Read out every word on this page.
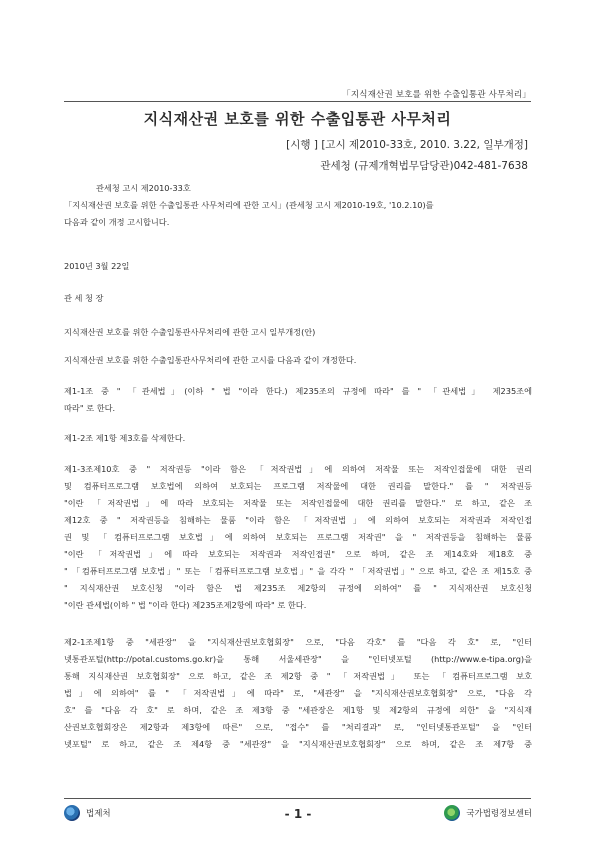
「지식재산권 보호를 위한 수출입통관 사무처리」
지식재산권 보호를 위한 수출입통관 사무처리
[시행 ] [고시 제2010-33호, 2010. 3.22, 일부개정]
관세청 (규제개혁법무담당관)042-481-7638

관세청 고시 제2010-33호

「지식재산권 보호를 위한 수출입통관 사무처리에 관한 고시」(관세청 고시 제2010-19호, '10.2.10)를

다음과 같이 개정 고시합니다.

2010년 3월 22일
관 세 청 장
지식재산권 보호를 위한 수출입통관사무처리에 관한 고시 일부개정(안)
지식재산권 보호를 위한 수출입통관사무처리에 관한 고시를 다음과 같이 개정한다.

제1-1조 중 " 「관세법」(이하 " 법 "이라 한다.) 제235조의 규정에 따라" 를 " 「관세법」 제235조에

따라" 로 한다.

제1-2조 제1항 제3호를 삭제한다.

제1-3조제10호 중 " 저작권등 "이라 함은 「저작권법」에 의하여 저작물 또는 저작인접물에 대한 권리

및 컴퓨터프로그램 보호법에 의하여 보호되는 프로그램 저작물에 대한 권리를 말한다." 를 " 저작권등

"이란 「저작권법」에 따라 보호되는 저작물 또는 저작인접물에 대한 권리를 말한다." 로 하고, 같은 조

제12호 중 " 저작권등을 침해하는 물품 "이라 함은 「저작권법」에 의하여 보호되는 저작권과 저작인접

권 및 「컴퓨터프로그램 보호법」에 의하여 보호되는 프로그램 저작권" 을 " 저작권등을 침해하는 물품

"이란 「저작권법」에 따라 보호되는 저작권과 저작인접권" 으로 하며, 같은 조 제14호와 제18호 중

" 「컴퓨터프로그램 보호법」" 또는 「컴퓨터프로그램 보호법」" 을 각각 " 「저작권법」" 으로 하고, 같은 조 제15호 중

" 지식재산권 보호신청 "이라 함은 법 제235조 제2항의 규정에 의하여" 를 " 지식재산권 보호신청

"이란 관세법(이하 " 법 "이라 한다) 제235조제2항에 따라" 로 한다.

제2-1조제1항 중 "세관장" 을 "지식재산권보호협회장" 으로, "다음 각호" 를 "다음 각 호" 로, "인터

넷통관포털(http://potal.customs.go.kr)을 통해 서울세관장" 을 "인터넷포털 (http://www.e-tipa.org)을

통해 지식재산권 보호협회장" 으로 하고, 같은 조 제2항 중 " 「저작권법」 또는 「컴퓨터프로그램 보호

법」에 의하여" 를 " 「저작권법」에 따라" 로, "세관장" 을 "지식재산권보호협회장" 으로, "다음 각

호" 를 "다음 각 호" 로 하며, 같은 조 제3항 중 "세관장은 제1항 및 제2항의 규정에 의한" 을 "지식재

산권보호협회장은 제2항과 제3항에 따른" 으로, "접수" 를 "처리결과" 로, "인터넷통관포털" 을 "인터

넷포털" 로 하고, 같은 조 제4항 중 "세관장" 을 "지식재산권보호협회장" 으로 하며, 같은 조 제7항 중

법제처	- 1 -	국가법령정보센터
